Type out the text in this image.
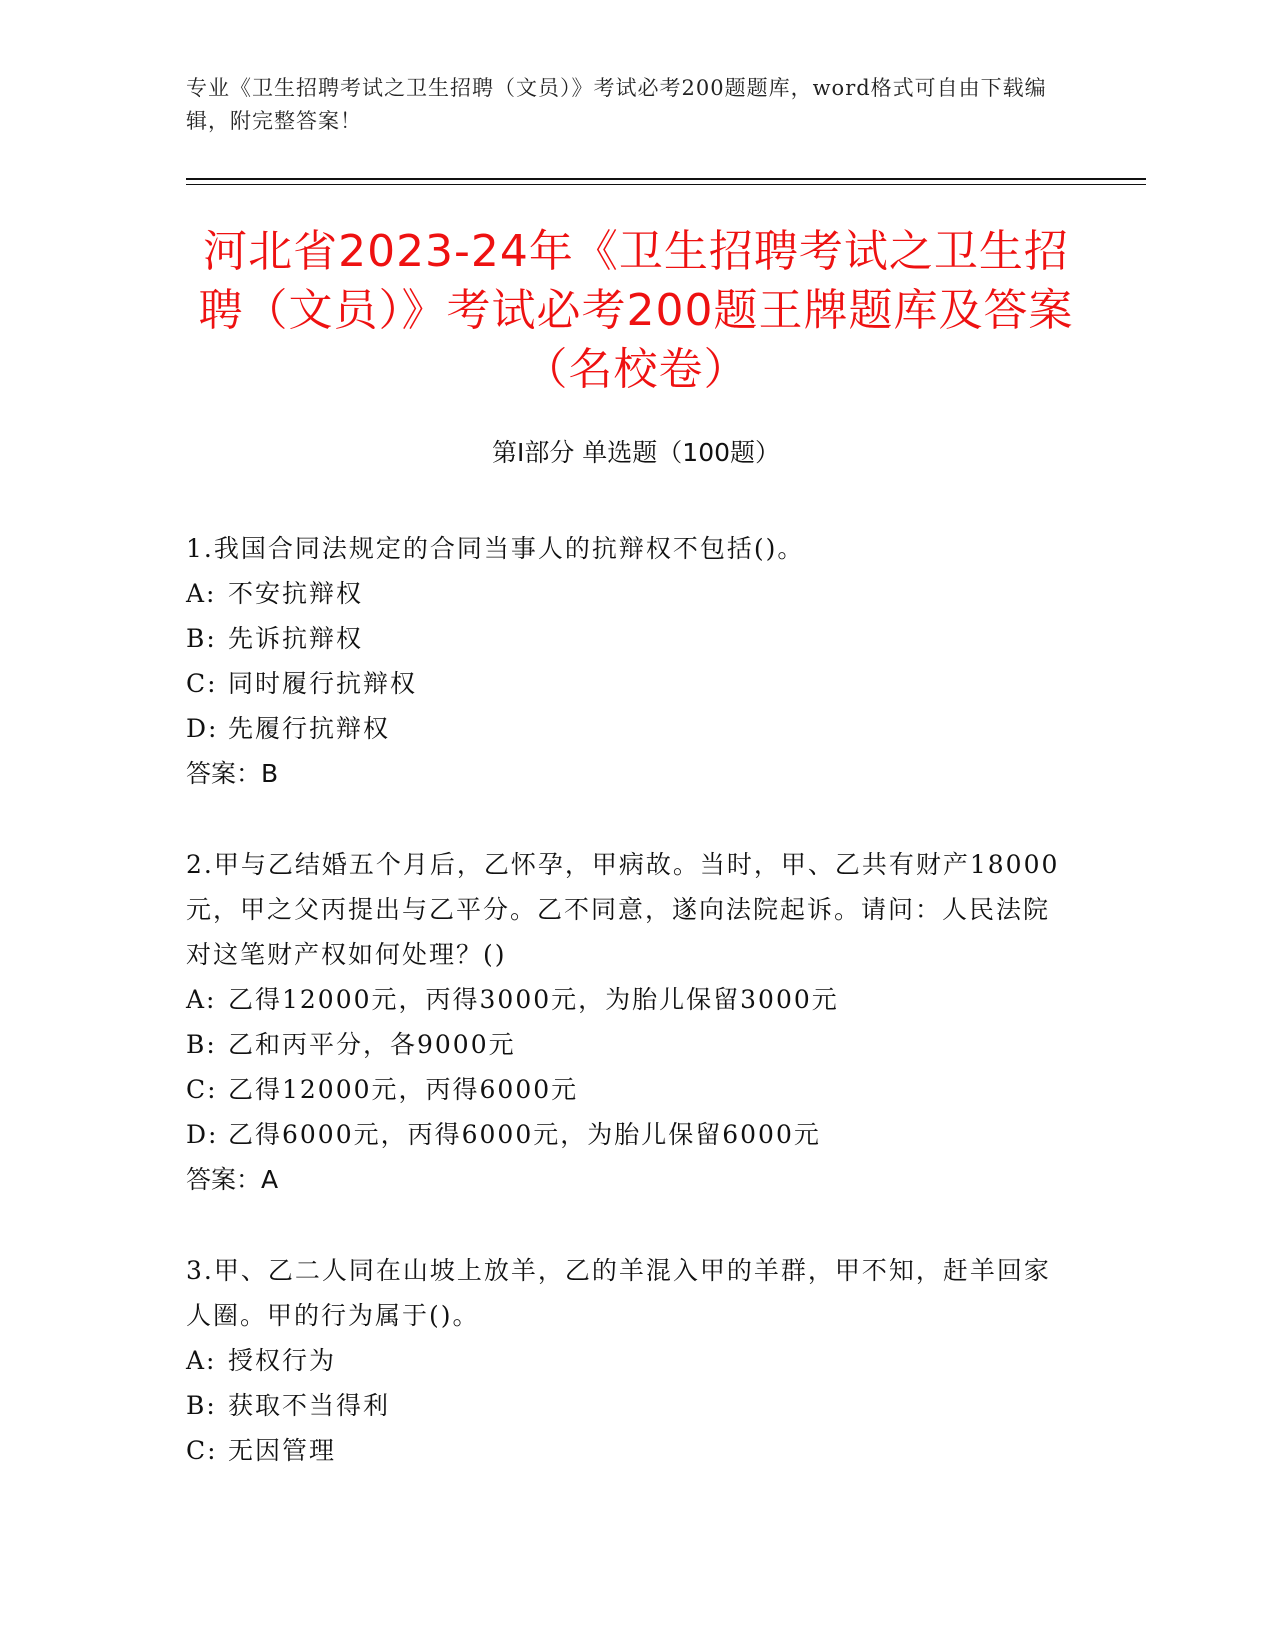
专业《卫生招聘考试之卫生招聘（文员）》考试必考200题题库，word格式可自由下载编辑，附完整答案！
河北省2023-24年《卫生招聘考试之卫生招聘（文员）》考试必考200题王牌题库及答案（名校卷）
第Ⅰ部分 单选题（100题）
1.我国合同法规定的合同当事人的抗辩权不包括()。
A: 不安抗辩权
B: 先诉抗辩权
C: 同时履行抗辩权
D: 先履行抗辩权
答案：B
2.甲与乙结婚五个月后，乙怀孕，甲病故。当时，甲、乙共有财产18000元，甲之父丙提出与乙平分。乙不同意，遂向法院起诉。请问：人民法院对这笔财产权如何处理？()
A: 乙得12000元，丙得3000元，为胎儿保留3000元
B: 乙和丙平分，各9000元
C: 乙得12000元，丙得6000元
D: 乙得6000元，丙得6000元，为胎儿保留6000元
答案：A
3.甲、乙二人同在山坡上放羊，乙的羊混入甲的羊群，甲不知，赶羊回家人圈。甲的行为属于()。
A: 授权行为
B: 获取不当得利
C: 无因管理
